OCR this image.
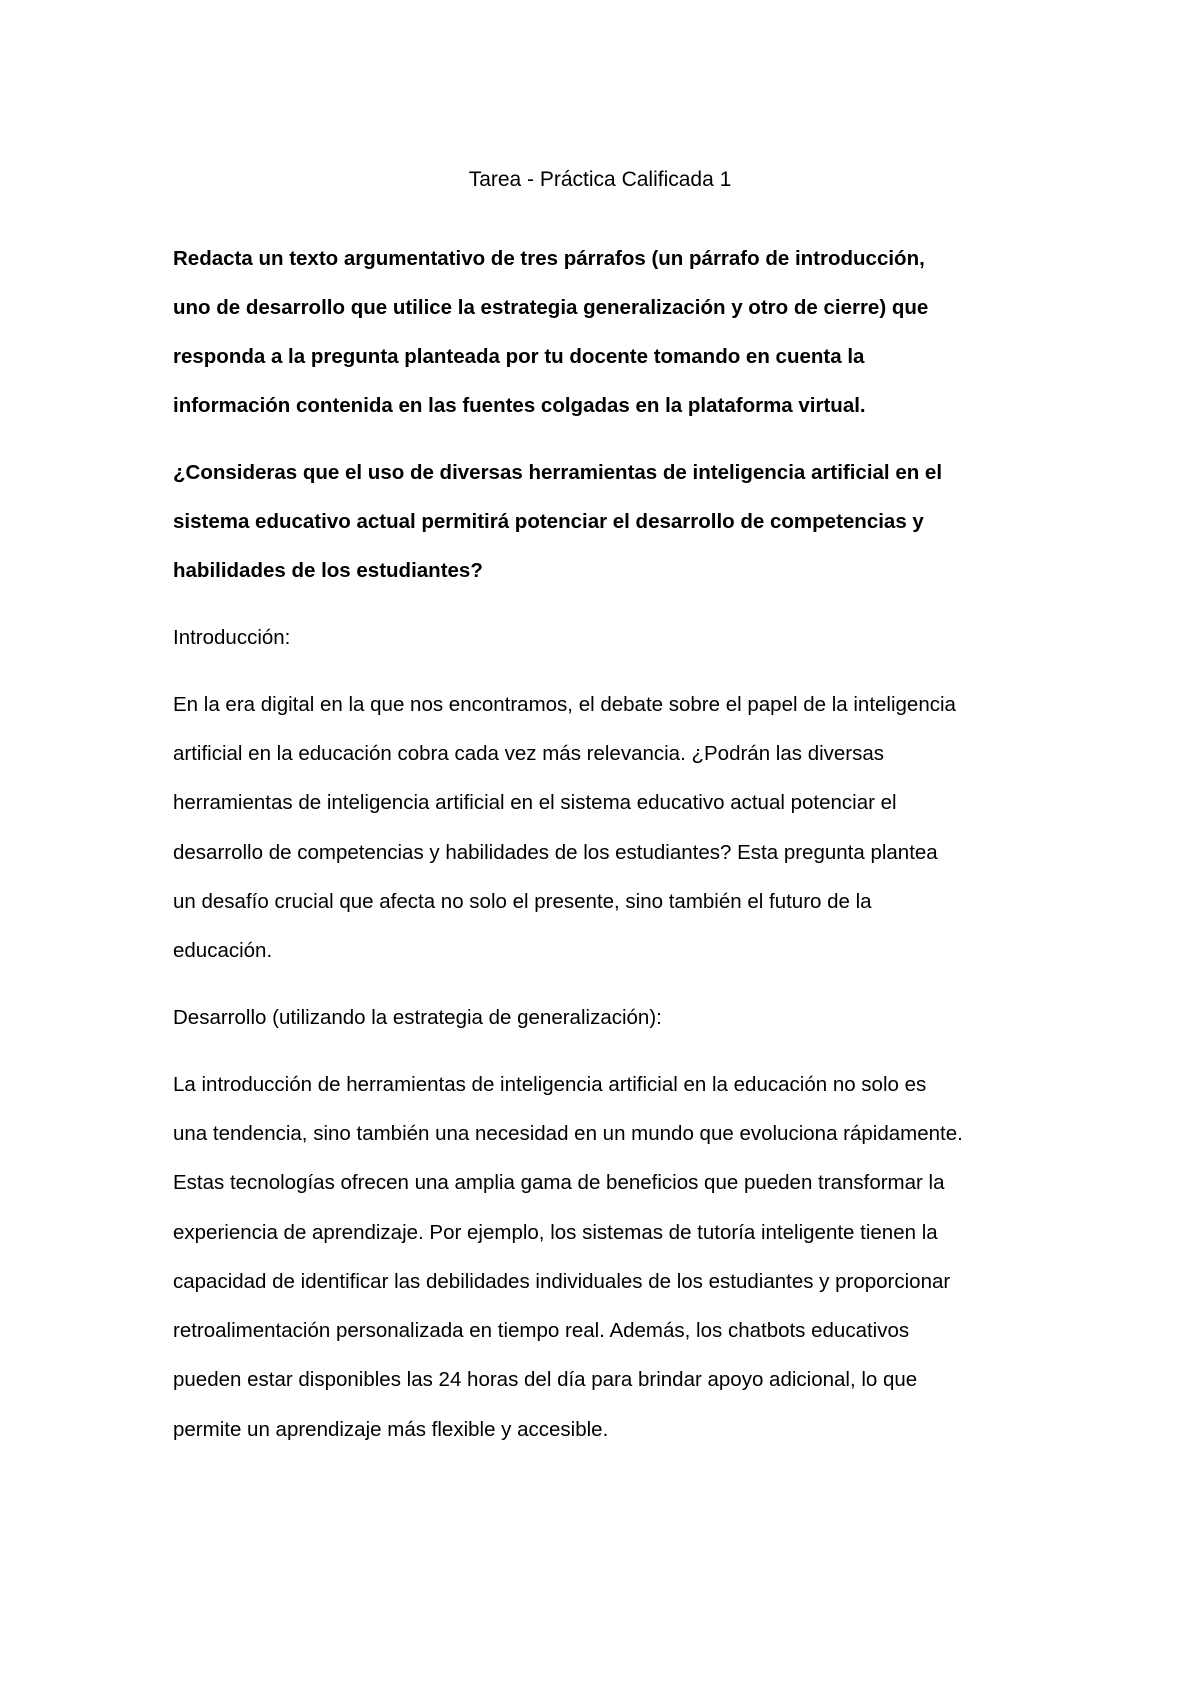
Tarea - Práctica Calificada 1

Redacta un texto argumentativo de tres párrafos (un párrafo de introducción,

uno de desarrollo que utilice la estrategia generalización y otro de cierre) que

responda a la pregunta planteada por tu docente tomando en cuenta la

información contenida en las fuentes colgadas en la plataforma virtual.

¿Consideras que el uso de diversas herramientas de inteligencia artificial en el

sistema educativo actual permitirá potenciar el desarrollo de competencias y

habilidades de los estudiantes?

Introducción:

En la era digital en la que nos encontramos, el debate sobre el papel de la inteligencia

artificial en la educación cobra cada vez más relevancia. ¿Podrán las diversas

herramientas de inteligencia artificial en el sistema educativo actual potenciar el

desarrollo de competencias y habilidades de los estudiantes? Esta pregunta plantea

un desafío crucial que afecta no solo el presente, sino también el futuro de la

educación.

Desarrollo (utilizando la estrategia de generalización):

La introducción de herramientas de inteligencia artificial en la educación no solo es

una tendencia, sino también una necesidad en un mundo que evoluciona rápidamente.

Estas tecnologías ofrecen una amplia gama de beneficios que pueden transformar la

experiencia de aprendizaje. Por ejemplo, los sistemas de tutoría inteligente tienen la

capacidad de identificar las debilidades individuales de los estudiantes y proporcionar

retroalimentación personalizada en tiempo real. Además, los chatbots educativos

pueden estar disponibles las 24 horas del día para brindar apoyo adicional, lo que

permite un aprendizaje más flexible y accesible.
